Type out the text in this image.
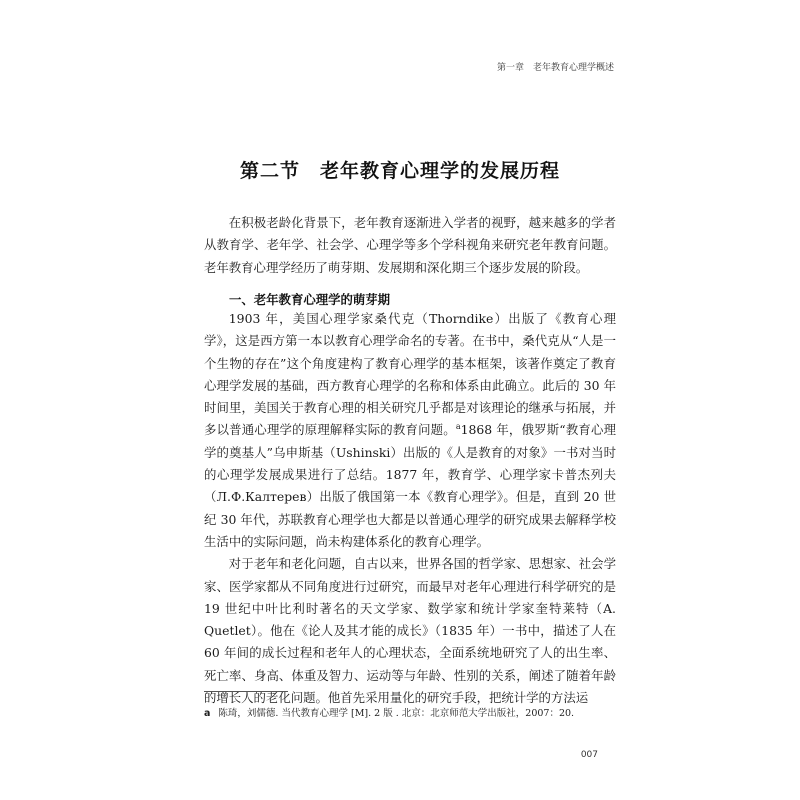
第一章　老年教育心理学概述
第二节　老年教育心理学的发展历程

在积极老龄化背景下，老年教育逐渐进入学者的视野，越来越多的学者从教育学、老年学、社会学、心理学等多个学科视角来研究老年教育问题。老年教育心理学经历了萌芽期、发展期和深化期三个逐步发展的阶段。

一、老年教育心理学的萌芽期

1903 年，美国心理学家桑代克（Thorndike）出版了《教育心理学》，这是西方第一本以教育心理学命名的专著。在书中，桑代克从“人是一个生物的存在”这个角度建构了教育心理学的基本框架，该著作奠定了教育心理学发展的基础，西方教育心理学的名称和体系由此确立。此后的 30 年时间里，美国关于教育心理的相关研究几乎都是对该理论的继承与拓展，并多以普通心理学的原理解释实际的教育问题。$^a$1868 年，俄罗斯“教育心理学的奠基人”乌申斯基（Ushinski）出版的《人是教育的对象》一书对当时的心理学发展成果进行了总结。1877 年，教育学、心理学家卡普杰列夫（Л.Ф.Калтерев）出版了俄国第一本《教育心理学》。但是，直到 20 世纪 30 年代，苏联教育心理学也大都是以普通心理学的研究成果去解释学校生活中的实际问题，尚未构建体系化的教育心理学。

对于老年和老化问题，自古以来，世界各国的哲学家、思想家、社会学家、医学家都从不同角度进行过研究，而最早对老年心理进行科学研究的是 19 世纪中叶比利时著名的天文学家、数学家和统计学家奎特莱特（A. Quetlet）。他在《论人及其才能的成长》（1835 年）一书中，描述了人在 60 年间的成长过程和老年人的心理状态，全面系统地研究了人的出生率、死亡率、身高、体重及智力、运动等与年龄、性别的关系，阐述了随着年龄的增长人的老化问题。他首先采用量化的研究手段，把统计学的方法运

a 陈琦，刘儒德. 当代教育心理学 [M]. 2 版 . 北京：北京师范大学出版社，2007：20.
007
